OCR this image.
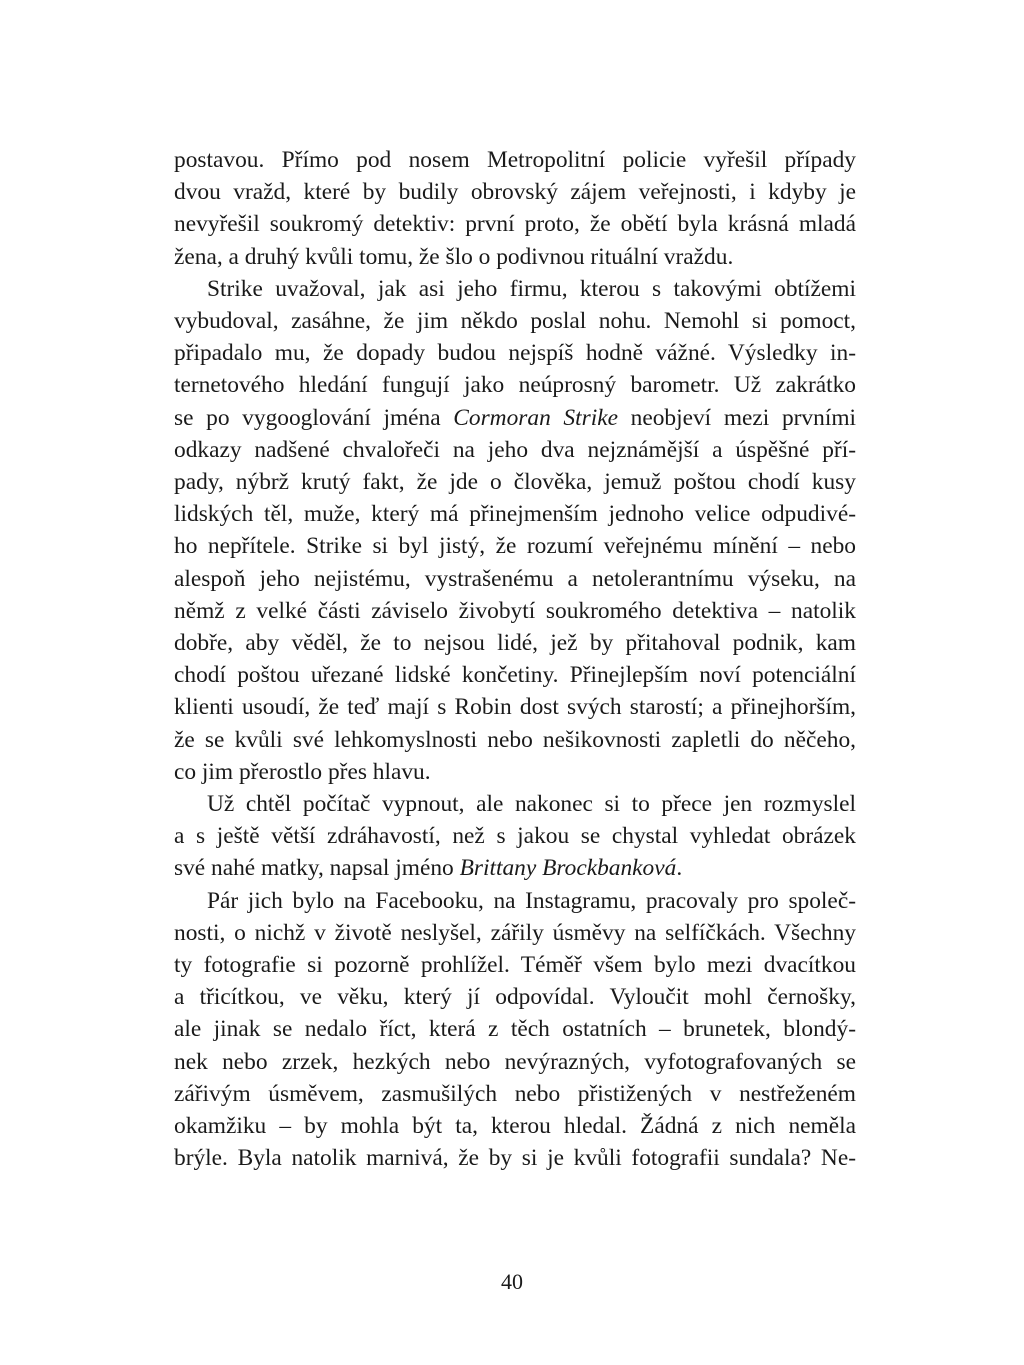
postavou. Přímo pod nosem Metropolitní policie vyřešil případy
dvou vražd, které by budily obrovský zájem veřejnosti, i kdyby je
nevyřešil soukromý detektiv: první proto, že obětí byla krásná mladá
žena, a druhý kvůli tomu, že šlo o podivnou rituální vraždu.
Strike uvažoval, jak asi jeho firmu, kterou s takovými obtížemi
vybudoval, zasáhne, že jim někdo poslal nohu. Nemohl si pomoct,
připadalo mu, že dopady budou nejspíš hodně vážné. Výsledky in-
ternetového hledání fungují jako neúprosný barometr. Už zakrátko
se po vygooglování jména Cormoran Strike neobjeví mezi prvními
odkazy nadšené chvalořeči na jeho dva nejznámější a úspěšné pří-
pady, nýbrž krutý fakt, že jde o člověka, jemuž poštou chodí kusy
lidských těl, muže, který má přinejmenším jednoho velice odpudivé-
ho nepřítele. Strike si byl jistý, že rozumí veřejnému mínění – nebo
alespoň jeho nejistému, vystrašenému a netolerantnímu výseku, na
němž z velké části záviselo živobytí soukromého detektiva – natolik
dobře, aby věděl, že to nejsou lidé, jež by přitahoval podnik, kam
chodí poštou uřezané lidské končetiny. Přinejlepším noví potenciální
klienti usoudí, že teď mají s Robin dost svých starostí; a přinejhorším,
že se kvůli své lehkomyslnosti nebo nešikovnosti zapletli do něčeho,
co jim přerostlo přes hlavu.
Už chtěl počítač vypnout, ale nakonec si to přece jen rozmyslel
a s ještě větší zdráhavostí, než s jakou se chystal vyhledat obrázek
své nahé matky, napsal jméno Brittany Brockbanková.
Pár jich bylo na Facebooku, na Instagramu, pracovaly pro společ-
nosti, o nichž v životě neslyšel, zářily úsměvy na selfíčkách. Všechny
ty fotografie si pozorně prohlížel. Téměř všem bylo mezi dvacítkou
a třicítkou, ve věku, který jí odpovídal. Vyloučit mohl černošky,
ale jinak se nedalo říct, která z těch ostatních – brunetek, blondý-
nek nebo zrzek, hezkých nebo nevýrazných, vyfotografovaných se
zářivým úsměvem, zasmušilých nebo přistižených v nestřeženém
okamžiku – by mohla být ta, kterou hledal. Žádná z nich neměla
brýle. Byla natolik marnivá, že by si je kvůli fotografii sundala? Ne-
40
